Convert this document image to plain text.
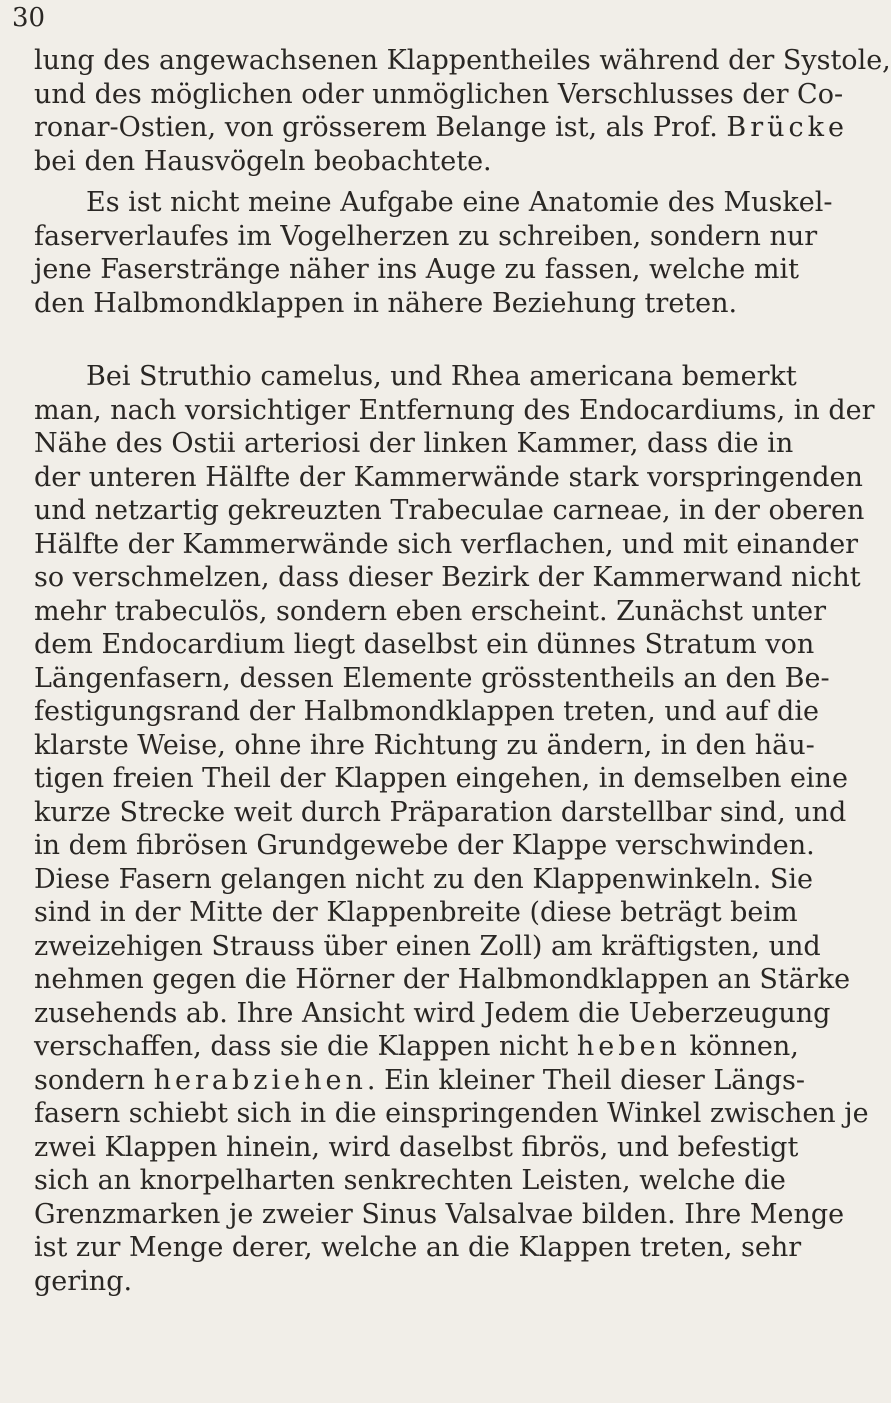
30
lung des angewachsenen Klappentheiles während der Systole,
und des möglichen oder unmöglichen Verschlusses der Co-
ronar-Ostien, von grösserem Belange ist, als Prof. Brücke
bei den Hausvögeln beobachtete.
Es ist nicht meine Aufgabe eine Anatomie des Muskel-
faserverlaufes im Vogelherzen zu schreiben, sondern nur
jene Faserstränge näher ins Auge zu fassen, welche mit
den Halbmondklappen in nähere Beziehung treten.
Bei Struthio camelus, und Rhea americana bemerkt
man, nach vorsichtiger Entfernung des Endocardiums, in der
Nähe des Ostii arteriosi der linken Kammer, dass die in
der unteren Hälfte der Kammerwände stark vorspringenden
und netzartig gekreuzten Trabeculae carneae, in der oberen
Hälfte der Kammerwände sich verflachen, und mit einander
so verschmelzen, dass dieser Bezirk der Kammerwand nicht
mehr trabeculös, sondern eben erscheint. Zunächst unter
dem Endocardium liegt daselbst ein dünnes Stratum von
Längenfasern, dessen Elemente grösstentheils an den Be-
festigungsrand der Halbmondklappen treten, und auf die
klarste Weise, ohne ihre Richtung zu ändern, in den häu-
tigen freien Theil der Klappen eingehen, in demselben eine
kurze Strecke weit durch Präparation darstellbar sind, und
in dem fibrösen Grundgewebe der Klappe verschwinden.
Diese Fasern gelangen nicht zu den Klappenwinkeln. Sie
sind in der Mitte der Klappenbreite (diese beträgt beim
zweizehigen Strauss über einen Zoll) am kräftigsten, und
nehmen gegen die Hörner der Halbmondklappen an Stärke
zusehends ab. Ihre Ansicht wird Jedem die Ueberzeugung
verschaffen, dass sie die Klappen nicht heben können,
sondern herabziehen. Ein kleiner Theil dieser Längs-
fasern schiebt sich in die einspringenden Winkel zwischen je
zwei Klappen hinein, wird daselbst fibrös, und befestigt
sich an knorpelharten senkrechten Leisten, welche die
Grenzmarken je zweier Sinus Valsalvae bilden. Ihre Menge
ist zur Menge derer, welche an die Klappen treten, sehr
gering.
